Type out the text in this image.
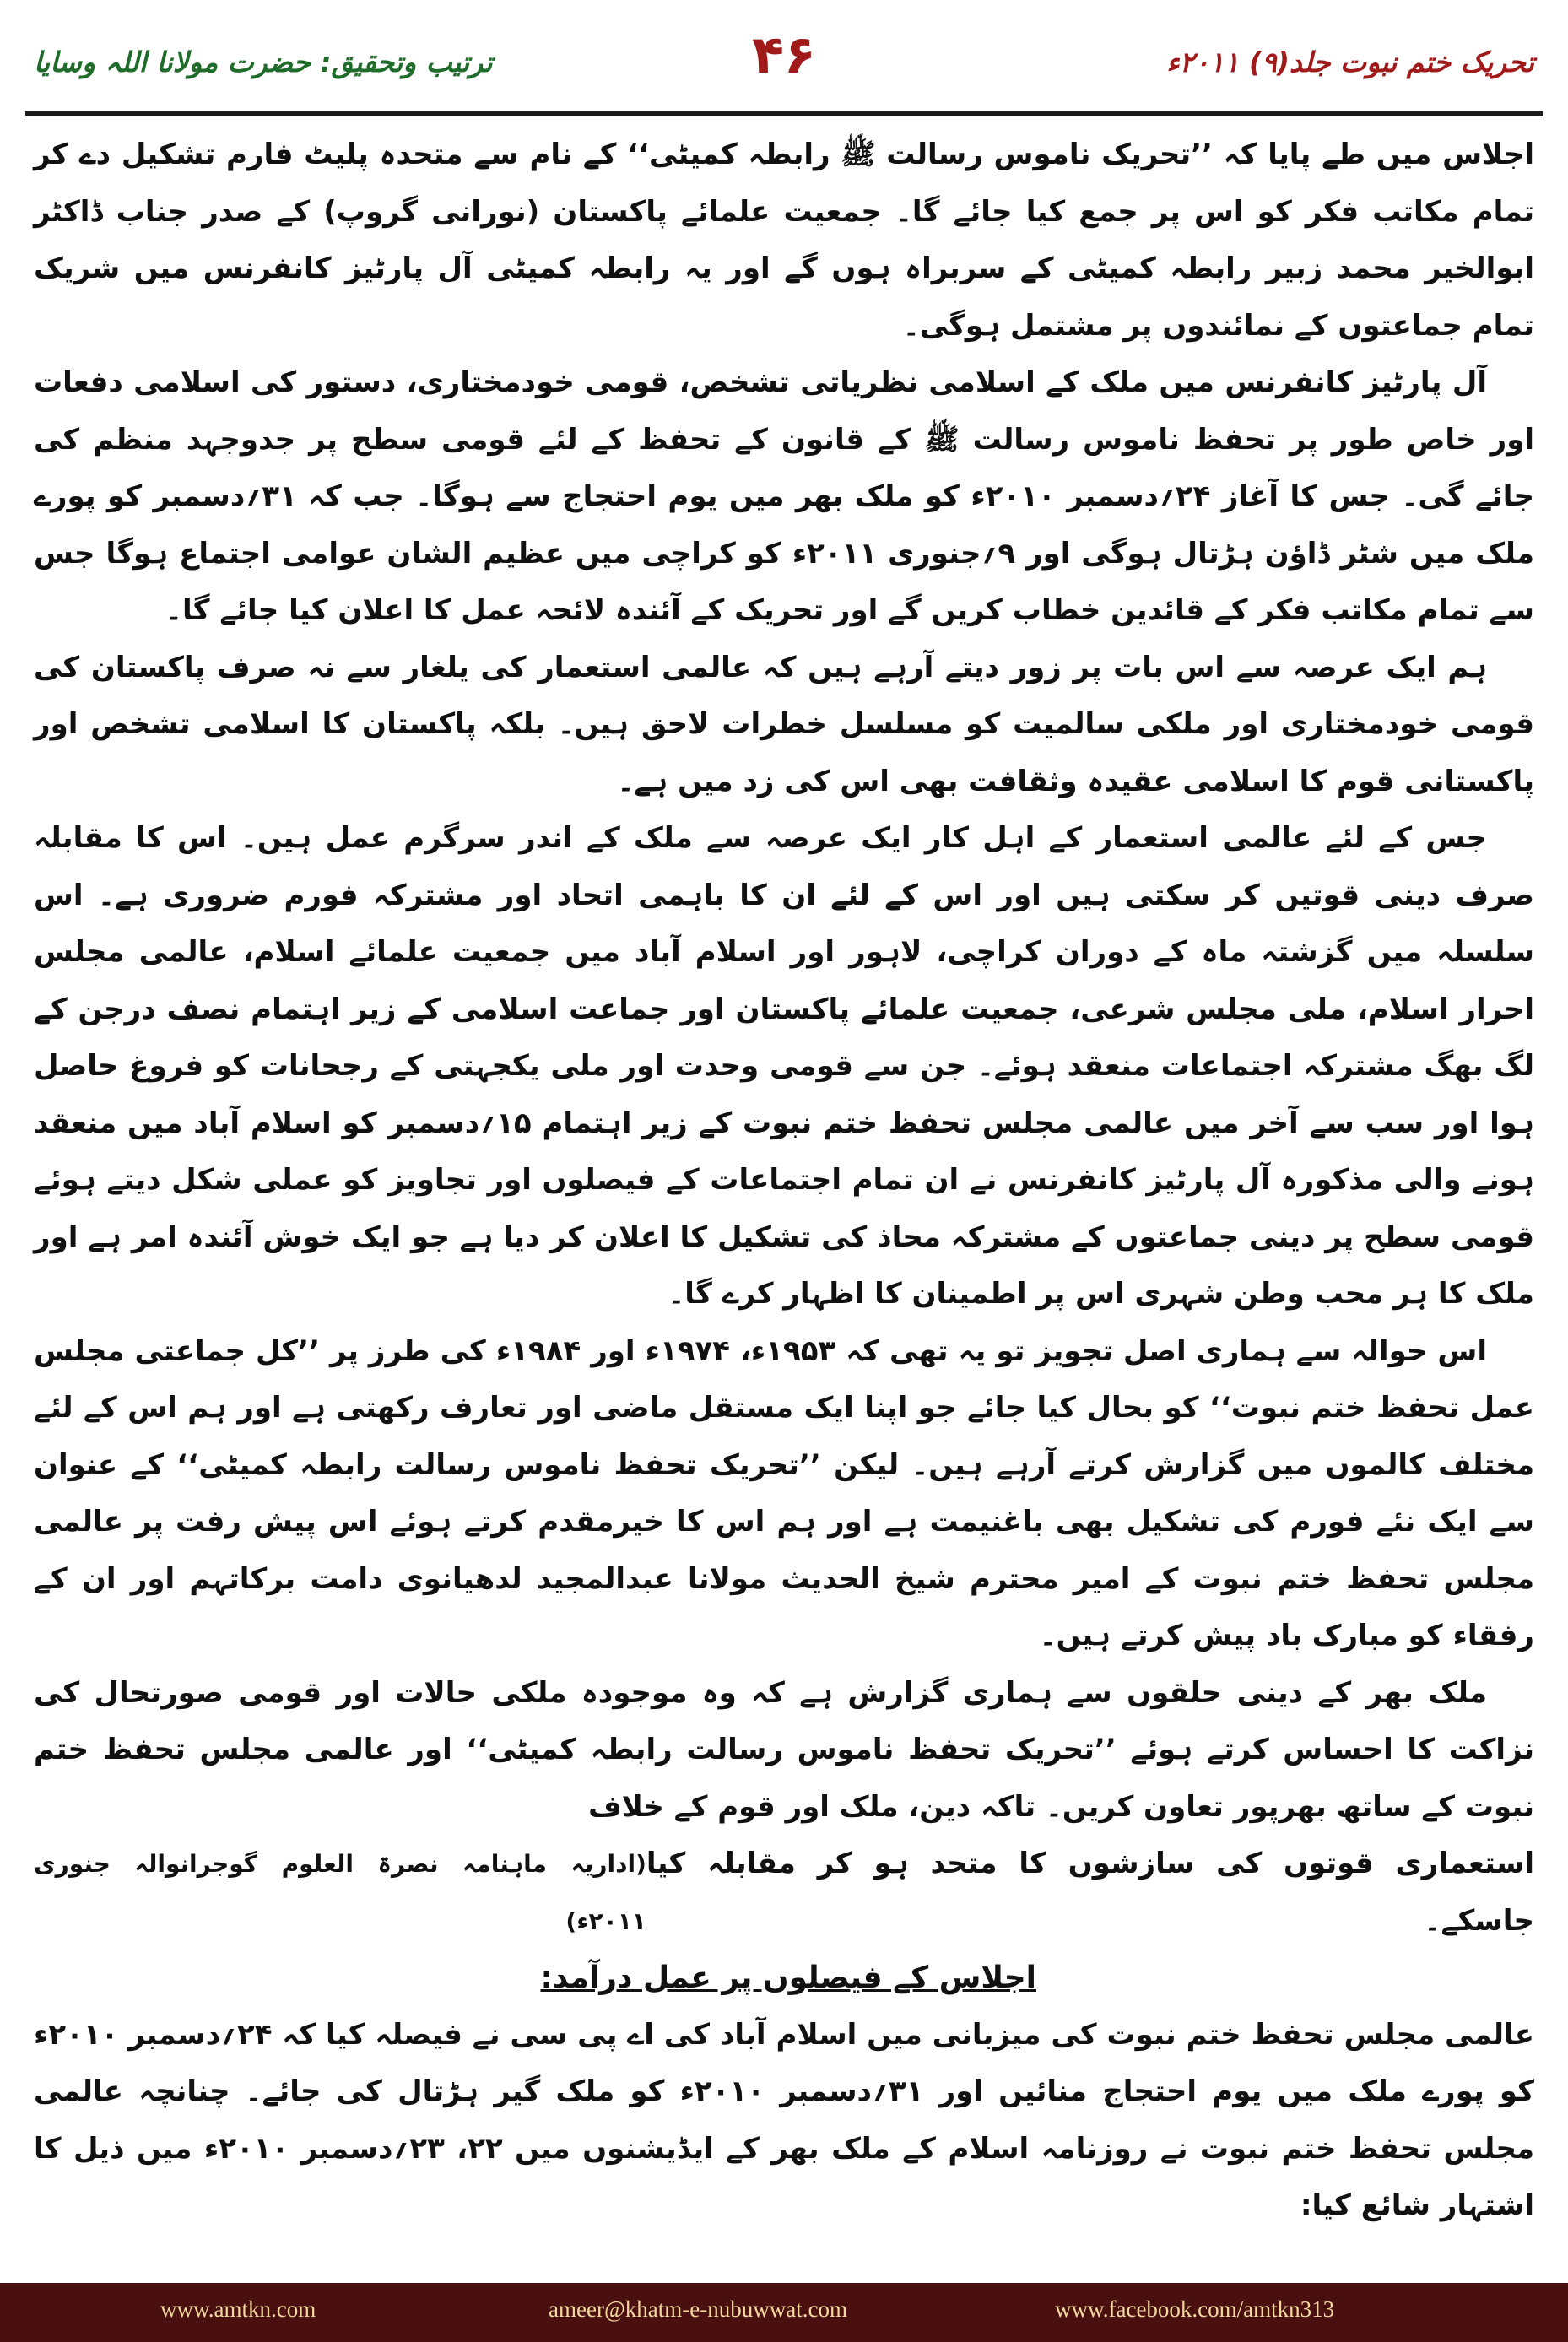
تحریک ختم نبوت جلد(۹) ۲۰۱۱ء
۴۶
ترتیب وتحقیق: حضرت مولانا اللہ وسایا

اجلاس میں طے پایا کہ ’’تحریک ناموس رسالت ﷺ رابطہ کمیٹی‘‘ کے نام سے متحدہ پلیٹ فارم تشکیل دے کر تمام مکاتب فکر کو اس پر جمع کیا جائے گا۔ جمعیت علمائے پاکستان (نورانی گروپ) کے صدر جناب ڈاکٹر ابوالخیر محمد زبیر رابطہ کمیٹی کے سربراہ ہوں گے اور یہ رابطہ کمیٹی آل پارٹیز کانفرنس میں شریک تمام جماعتوں کے نمائندوں پر مشتمل ہوگی۔

آل پارٹیز کانفرنس میں ملک کے اسلامی نظریاتی تشخص، قومی خودمختاری، دستور کی اسلامی دفعات اور خاص طور پر تحفظ ناموس رسالت ﷺ کے قانون کے تحفظ کے لئے قومی سطح پر جدوجہد منظم کی جائے گی۔ جس کا آغاز ۲۴؍دسمبر ۲۰۱۰ء کو ملک بھر میں یوم احتجاج سے ہوگا۔ جب کہ ۳۱؍دسمبر کو پورے ملک میں شٹر ڈاؤن ہڑتال ہوگی اور ۹؍جنوری ۲۰۱۱ء کو کراچی میں عظیم الشان عوامی اجتماع ہوگا جس سے تمام مکاتب فکر کے قائدین خطاب کریں گے اور تحریک کے آئندہ لائحہ عمل کا اعلان کیا جائے گا۔

ہم ایک عرصہ سے اس بات پر زور دیتے آرہے ہیں کہ عالمی استعمار کی یلغار سے نہ صرف پاکستان کی قومی خودمختاری اور ملکی سالمیت کو مسلسل خطرات لاحق ہیں۔ بلکہ پاکستان کا اسلامی تشخص اور پاکستانی قوم کا اسلامی عقیدہ وثقافت بھی اس کی زد میں ہے۔

جس کے لئے عالمی استعمار کے اہل کار ایک عرصہ سے ملک کے اندر سرگرم عمل ہیں۔ اس کا مقابلہ صرف دینی قوتیں کر سکتی ہیں اور اس کے لئے ان کا باہمی اتحاد اور مشترکہ فورم ضروری ہے۔ اس سلسلہ میں گزشتہ ماہ کے دوران کراچی، لاہور اور اسلام آباد میں جمعیت علمائے اسلام، عالمی مجلس احرار اسلام، ملی مجلس شرعی، جمعیت علمائے پاکستان اور جماعت اسلامی کے زیر اہتمام نصف درجن کے لگ بھگ مشترکہ اجتماعات منعقد ہوئے۔ جن سے قومی وحدت اور ملی یکجہتی کے رجحانات کو فروغ حاصل ہوا اور سب سے آخر میں عالمی مجلس تحفظ ختم نبوت کے زیر اہتمام ۱۵؍دسمبر کو اسلام آباد میں منعقد ہونے والی مذکورہ آل پارٹیز کانفرنس نے ان تمام اجتماعات کے فیصلوں اور تجاویز کو عملی شکل دیتے ہوئے قومی سطح پر دینی جماعتوں کے مشترکہ محاذ کی تشکیل کا اعلان کر دیا ہے جو ایک خوش آئندہ امر ہے اور ملک کا ہر محب وطن شہری اس پر اطمینان کا اظہار کرے گا۔

اس حوالہ سے ہماری اصل تجویز تو یہ تھی کہ ۱۹۵۳ء، ۱۹۷۴ء اور ۱۹۸۴ء کی طرز پر ’’کل جماعتی مجلس عمل تحفظ ختم نبوت‘‘ کو بحال کیا جائے جو اپنا ایک مستقل ماضی اور تعارف رکھتی ہے اور ہم اس کے لئے مختلف کالموں میں گزارش کرتے آرہے ہیں۔ لیکن ’’تحریک تحفظ ناموس رسالت رابطہ کمیٹی‘‘ کے عنوان سے ایک نئے فورم کی تشکیل بھی باغنیمت ہے اور ہم اس کا خیرمقدم کرتے ہوئے اس پیش رفت پر عالمی مجلس تحفظ ختم نبوت کے امیر محترم شیخ الحدیث مولانا عبدالمجید لدھیانوی دامت برکاتہم اور ان کے رفقاء کو مبارک باد پیش کرتے ہیں۔

ملک بھر کے دینی حلقوں سے ہماری گزارش ہے کہ وہ موجودہ ملکی حالات اور قومی صورتحال کی نزاکت کا احساس کرتے ہوئے ’’تحریک تحفظ ناموس رسالت رابطہ کمیٹی‘‘ اور عالمی مجلس تحفظ ختم نبوت کے ساتھ بھرپور تعاون کریں۔ تاکہ دین، ملک اور قوم کے خلاف

استعماری قوتوں کی سازشوں کا متحد ہو کر مقابلہ کیا جاسکے۔
(اداریہ ماہنامہ نصرۃ العلوم گوجرانوالہ جنوری ۲۰۱۱ء)
اجلاس کے فیصلوں پر عمل درآمد:

عالمی مجلس تحفظ ختم نبوت کی میزبانی میں اسلام آباد کی اے پی سی نے فیصلہ کیا کہ ۲۴؍دسمبر ۲۰۱۰ء کو پورے ملک میں یوم احتجاج منائیں اور ۳۱؍دسمبر ۲۰۱۰ء کو ملک گیر ہڑتال کی جائے۔ چنانچہ عالمی مجلس تحفظ ختم نبوت نے روزنامہ اسلام کے ملک بھر کے ایڈیشنوں میں ۲۲، ۲۳؍دسمبر ۲۰۱۰ء میں ذیل کا اشتہار شائع کیا:

www.amtkn.com	ameer@khatm-e-nubuwwat.com	www.facebook.com/amtkn313
